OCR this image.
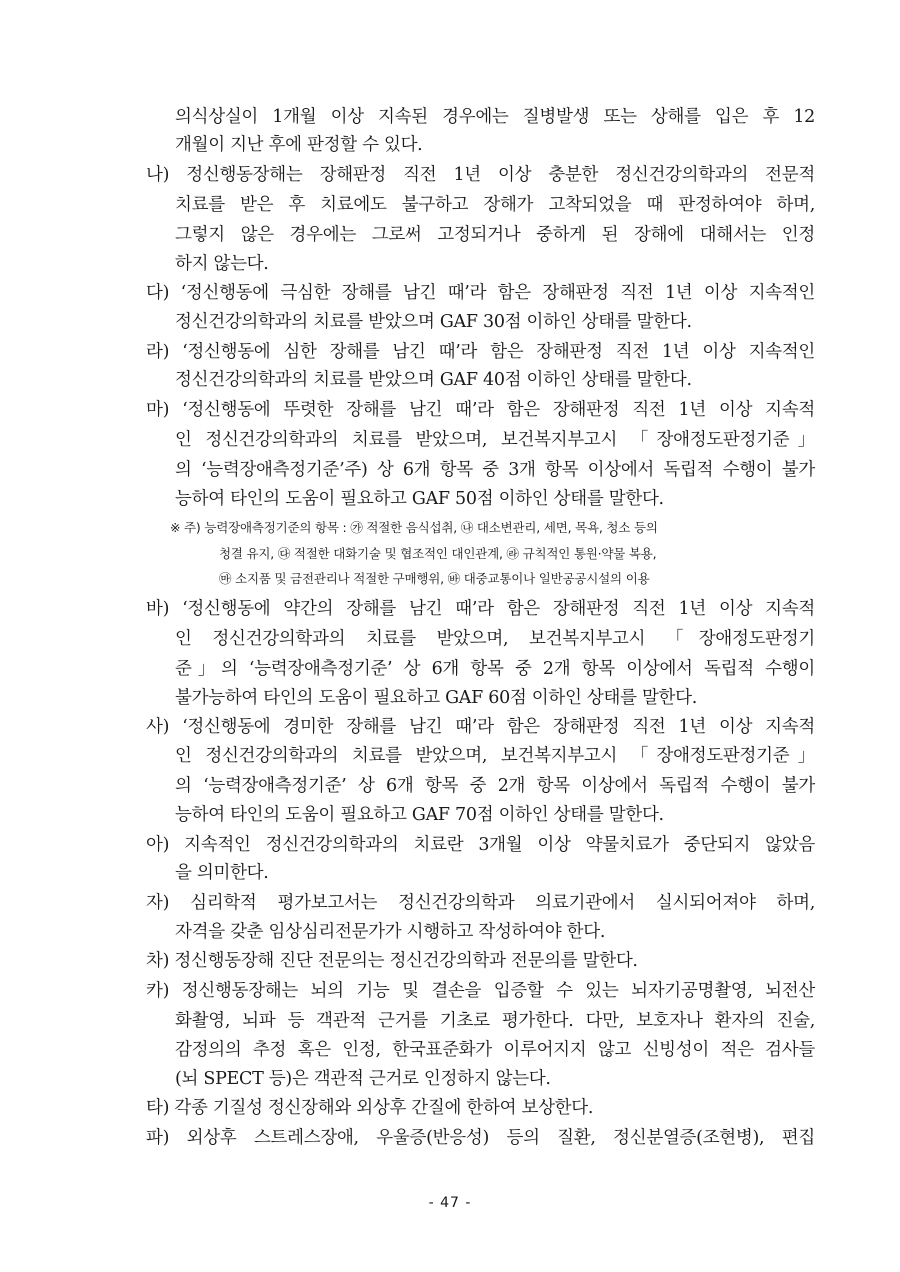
의식상실이 1개월 이상 지속된 경우에는 질병발생 또는 상해를 입은 후 12
개월이 지난 후에 판정할 수 있다.
나) 정신행동장해는 장해판정 직전 1년 이상 충분한 정신건강의학과의 전문적
치료를 받은 후 치료에도 불구하고 장해가 고착되었을 때 판정하여야 하며,
그렇지 않은 경우에는 그로써 고정되거나 중하게 된 장해에 대해서는 인정
하지 않는다.
다) ‘정신행동에 극심한 장해를 남긴 때’라 함은 장해판정 직전 1년 이상 지속적인
정신건강의학과의 치료를 받았으며 GAF 30점 이하인 상태를 말한다.
라) ‘정신행동에 심한 장해를 남긴 때’라 함은 장해판정 직전 1년 이상 지속적인
정신건강의학과의 치료를 받았으며 GAF 40점 이하인 상태를 말한다.
마) ‘정신행동에 뚜렷한 장해를 남긴 때’라 함은 장해판정 직전 1년 이상 지속적
인 정신건강의학과의 치료를 받았으며, 보건복지부고시 「장애정도판정기준」
의 ‘능력장애측정기준’주) 상 6개 항목 중 3개 항목 이상에서 독립적 수행이 불가
능하여 타인의 도움이 필요하고 GAF 50점 이하인 상태를 말한다.
※ 주) 능력장애측정기준의 항목 : ㉮ 적절한 음식섭취, ㉯ 대소변관리, 세면, 목욕, 청소 등의
청결 유지, ㉰ 적절한 대화기술 및 협조적인 대인관계, ㉱ 규칙적인 통원·약물 복용,
㉲ 소지품 및 금전관리나 적절한 구매행위, ㉳ 대중교통이나 일반공공시설의 이용
바) ‘정신행동에 약간의 장해를 남긴 때’라 함은 장해판정 직전 1년 이상 지속적
인 정신건강의학과의 치료를 받았으며, 보건복지부고시 「장애정도판정기
준」의 ‘능력장애측정기준’ 상 6개 항목 중 2개 항목 이상에서 독립적 수행이
불가능하여 타인의 도움이 필요하고 GAF 60점 이하인 상태를 말한다.
사) ‘정신행동에 경미한 장해를 남긴 때’라 함은 장해판정 직전 1년 이상 지속적
인 정신건강의학과의 치료를 받았으며, 보건복지부고시 「장애정도판정기준」
의 ‘능력장애측정기준’ 상 6개 항목 중 2개 항목 이상에서 독립적 수행이 불가
능하여 타인의 도움이 필요하고 GAF 70점 이하인 상태를 말한다.
아) 지속적인 정신건강의학과의 치료란 3개월 이상 약물치료가 중단되지 않았음
을 의미한다.
자) 심리학적 평가보고서는 정신건강의학과 의료기관에서 실시되어져야 하며,
자격을 갖춘 임상심리전문가가 시행하고 작성하여야 한다.
차) 정신행동장해 진단 전문의는 정신건강의학과 전문의를 말한다.
카) 정신행동장해는 뇌의 기능 및 결손을 입증할 수 있는 뇌자기공명촬영, 뇌전산
화촬영, 뇌파 등 객관적 근거를 기초로 평가한다. 다만, 보호자나 환자의 진술,
감정의의 추정 혹은 인정, 한국표준화가 이루어지지 않고 신빙성이 적은 검사들
(뇌 SPECT 등)은 객관적 근거로 인정하지 않는다.
타) 각종 기질성 정신장해와 외상후 간질에 한하여 보상한다.
파) 외상후 스트레스장애, 우울증(반응성) 등의 질환, 정신분열증(조현병), 편집
- 47 -
